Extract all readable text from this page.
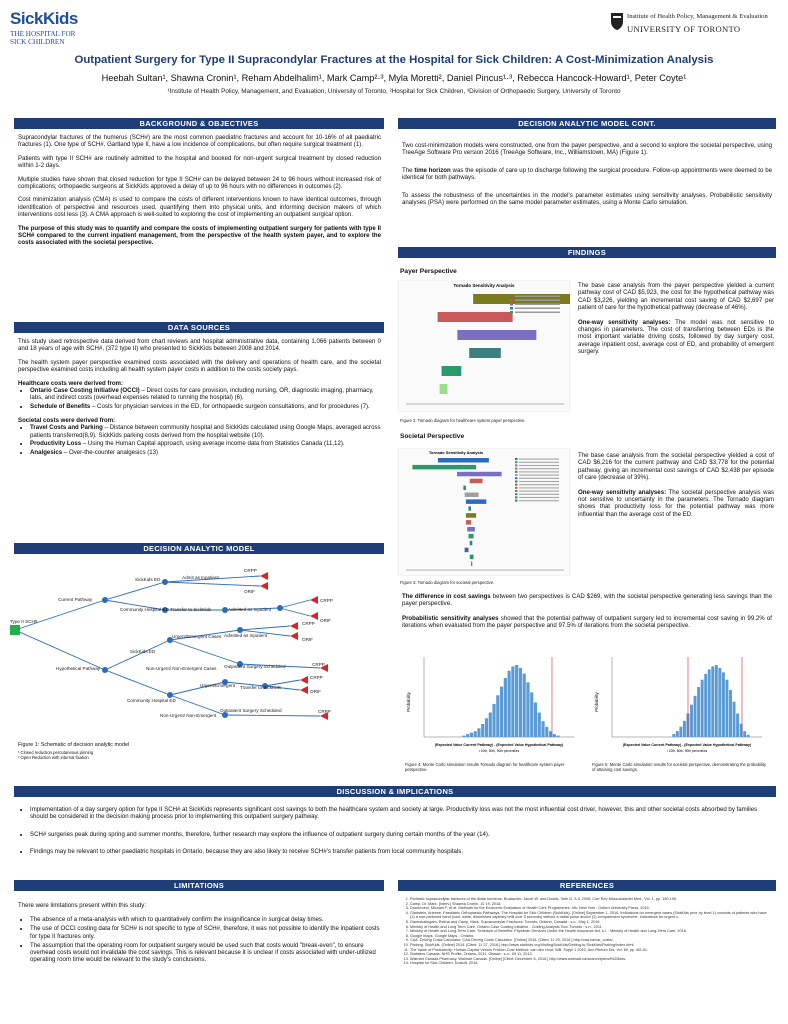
SickKids
THE HOSPITAL FOR
SICK CHILDREN
Institute of Health Policy, Management & Evaluation
UNIVERSITY OF TORONTO
Outpatient Surgery for Type II Supracondylar Fractures at the Hospital for Sick Children: A Cost-Minimization Analysis
Heebah Sultan¹, Shawna Cronin¹, Reham Abdelhalim¹, Mark Camp²·³, Myla Moretti², Daniel Pincus¹·³, Rebecca Hancock-Howard¹, Peter Coyte¹
¹Institute of Health Policy, Management, and Evaluation, University of Toronto, ²Hospital for Sick Children, ³Division of Orthopaedic Surgery, University of Toronto
BACKGROUND & OBJECTIVES

Supracondylar fractures of the humerus (SCH#) are the most common paediatric fractures and account for 10-16% of all paediatric fractures (1). One type of SCH#, Gartland type II, have a low incidence of complications, but often require surgical treatment (1).

Patients with type II SCH# are routinely admitted to the hospital and booked for non-urgent surgical treatment by closed reduction within 1-2 days.

Multiple studies have shown that closed reduction for type II SCH# can be delayed between 24 to 96 hours without increased risk of complications; orthopaedic surgeons at SickKids approved a delay of up to 96 hours with no differences in outcomes (2).

Cost minimization analysis (CMA) is used to compare the costs of different interventions known to have identical outcomes, through identification of perspective and resources used, quantifying them into physical units, and informing decision makers of which interventions cost less (3). A CMA approach is well-suited to exploring the cost of implementing an outpatient surgical option.

The purpose of this study was to quantify and compare the costs of implementing outpatient surgery for patients with type II SCH# compared to the current inpatient management, from the perspective of the health system payer, and to explore the costs associated with the societal perspective.

DATA SOURCES

This study used retrospective data derived from chart reviews and hospital administrative data, containing 1,066 patients between 0 and 18 years of age with SCH#, (372 type II) who presented to SickKids between 2008 and 2014.

The health system payer perspective examined costs associated with the delivery and operations of health care, and the societal perspective examined costs including all health system payer costs in addition to the costs society pays.

Healthcare costs were derived from:
• Ontario Case Costing Initiative (OCCI) – Direct costs for care provision, including nursing, OR, diagnostic imaging, pharmacy, labs, and indirect costs (overhead expenses related to running the hospital) (6).
• Schedule of Benefits – Costs for physician services in the ED, for orthopaedic surgeon consultations, and for procedures (7).
Societal costs were derived from:
• Travel Costs and Parking – Distance between community hospital and SickKids calculated using Google Maps, averaged across patients transferred(8,9). SickKids parking costs derived from the hospital website (10).
• Productivity Loss – Using the Human Capital approach, using average income data from Statistics Canada (11,12).
• Analgesics – Over-the-counter analgesics (13)
DECISION ANALYTIC MODEL
Type II SCH#
Current Pathway
Hypothetical Pathway
SickKids ED	Admit as Inpatient
Community Hospital ED Transfer to SickKids	Admitted as Inpatient
CRPP
ORIF
CRPP
ORIF
Urgent/Emergent Cases Admitted as Inpatient
SickKids ED
Non-Urgent/ Non-Emergent Cases Outpatient Surgery Scheduled
CRPP
ORIF
CRPP
Community Hospital ED
Urgent/Emergent Transfer to SickKids
CRPP
ORIF
Non-Urgent/ Non-Emergent
Outpatient Surgery Scheduled	CRPP
Figure 1: Schematic of decision analytic model
¹ Closed reduction percutaneous pinning
² Open Reduction with internal fixation
DECISION ANALYTIC MODEL CONT.

Two cost-minimization models were constructed, one from the payer perspective, and a second to explore the societal perspective, using TreeAge Software Pro version 2016 (TreeAge Software, Inc., Williamstown, MA) (Figure 1).

The time horizon was the episode of care up to discharge following the surgical procedure. Follow-up appointments were deemed to be identical for both pathways.

To assess the robustness of the uncertainties in the model's parameter estimates using sensitivity analyses. Probabilistic sensitivity analyses (PSA) were performed on the same model parameter estimates, using a Monte Carlo simulation.

FINDINGS
Payer Perspective
Tornado Sensitivity Analysis
Figure 2: Tornado diagram for healthcare system payer perspective.

The base case analysis from the payer perspective yielded a current pathway cost of CAD $5,923, the cost for the hypothetical pathway was CAD $3,226, yielding an incremental cost saving of CAD $2,697 per patient of care for the hypothetical pathway (decrease of 46%).

One-way sensitivity analyses: The model was not sensitive to changes in parameters. The cost of transferring between EDs is the most important variable driving costs, followed by day surgery cost, average inpatient cost, average cost of ED, and probability of emergent surgery.

Societal Perspective
Tornado Sensitivity Analysis
Figure 3: Tornado diagram for societal perspective.

The base case analysis from the societal perspective yielded a cost of CAD $6,216 for the current pathway and CAD $3,778 for the potential pathway, giving an incremental cost savings of CAD $2,438 per episode of care (decrease of 39%).

One-way sensitivity analyses: The societal perspective analysis was not sensitive to uncertainty in the parameters. The Tornado diagram shows that productivity loss for the potential pathway was more influential than the average cost of the ED.

The difference in cost savings between two perspectives is CAD $269, with the societal perspective generating less savings than the payer perspective.

Probabilistic sensitivity analyses showed that the potential pathway of outpatient surgery led to incremental cost saving in 99.2% of iterations when evaluated from the payer perspective and 97.5% of iterations from the societal perspective.

Probability
(Expected Value Current Pathway) - (Expected Value Hypothetical Pathway)
• 10th, 50th, 90th percentiles
Probability
(Expected Value Current Pathway) - (Expected Value Hypothetical Pathway)
• 10th, 50th, 90th percentiles
Figure 4: Monte Carlo simulation results Tornado diagram for healthcare system payer perspective.
Figure 5: Monte Carlo simulation results for societal perspective, demonstrating the probability of attaining cost savings.
DISCUSSION & IMPLICATIONS
• Implementation of a day surgery option for type II SCH# at SickKids represents significant cost savings to both the healthcare system and society at large. Productivity loss was not the most influential cost driver, however, this and other societal costs absorbed by families should be considered in the decision making process prior to implementing this outpatient surgery pathway.
• SCH# surgeries peak during spring and summer months, therefore, further research may explore the influence of outpatient surgery during certain months of the year (14).
• Findings may be relevant to other paediatric hospitals in Ontario, because they are also likely to receive SCH#'s transfer patients from local community hospitals.
LIMITATIONS
There were limitations present within this study:
• The absence of a meta-analysis with which to quantitatively confirm the insignificance in surgical delay times.
• The use of OCCI costing data for SCH# is not specific to type of SCH#, therefore, it was not possible to identify the inpatient costs for type II fractures only.
• The assumption that the operating room for outpatient surgery would be used such that costs would "break-even", to ensure overhead costs would not invalidate the cost savings. This is relevant because it is unclear if costs associated with under-utilized operating room time would be relevant to the study's conclusions.
REFERENCES
1. Pediatric supracondylar fractures of the distal humerus. Brubacher, Jacob W. and Dodds, Seth D. 3-4, 2008, Curr Rev Musculoskelet Med., Vol. 1, pp. 190-196.
2. Camp, Dr. Mark. [Interv.] Shawna Cronin. 10 19, 2016.
3. Drummond, Michael F, et al. Methods for the Economic Evaluation of Health Care Programmes. 4th. New York : Oxford University Press, 2015.
4. Gladstein, Arienne. Paediatric Orthopaedic Pathways. The Hospital for Sick Children (SickKids). [Online] September 1, 2016. Indications for emergent cases (SickKids prior by level 1) consists of patients who have (1) a non-perfused hand (cool, white, diminished capillary refill over 3 seconds) without a radial pulse and/or (2) compartment syndrome. Indications for urgent c.
5. Ganeshalingam, Rekha and Camp, Mark. Supracondylar Fractures. Toronto, Ontario, Canada : s.n., May 1, 2016.
6. Ministry of Health and Long Term Care. Ontario Case Costing Initiative - Costing Analysis Tool. Toronto : s.n., 2011.
7. Ministry of Health and Long-Term Care. Schedule of Benefits: Physician Services Under the Health Insurance Act. s.l. : Ministry of Health and Long-Term Care, 2016.
8. Google Maps. Google Maps - Ontario.
9. CAA. Driving Costs Calculator. CAA Driving Costs Calculator. [Online] 2016. [Cited: 11 29, 2016.] http://caa.ca/car_costs/.
10. Parking. SickKids. [Online] 2014. [Cited: 11 27, 2016.] http://www.sickkids.org/VisitingSickKids/Getting-to-SickKids/Parking/index.html.
11. The Value of Productivity: Human-Capital Versus Friction-Cost Method. van den Hout, WB. Suppl 1 2010, Ann Rheum Dis, Vol. 69, pp. i89-91.
12. Statistics Canada. NHS Profile, Ontario, 2011. Ottawa : s.n., 09 11, 2013.
13. Walmart Canada Pharmacy. Walmart Canada. [Online] [Cited: December 6, 2016.] http://www.walmart.ca/search/tylenol%20kids.
14. Hospital for Sick Children. Dotsoft. 2016.
